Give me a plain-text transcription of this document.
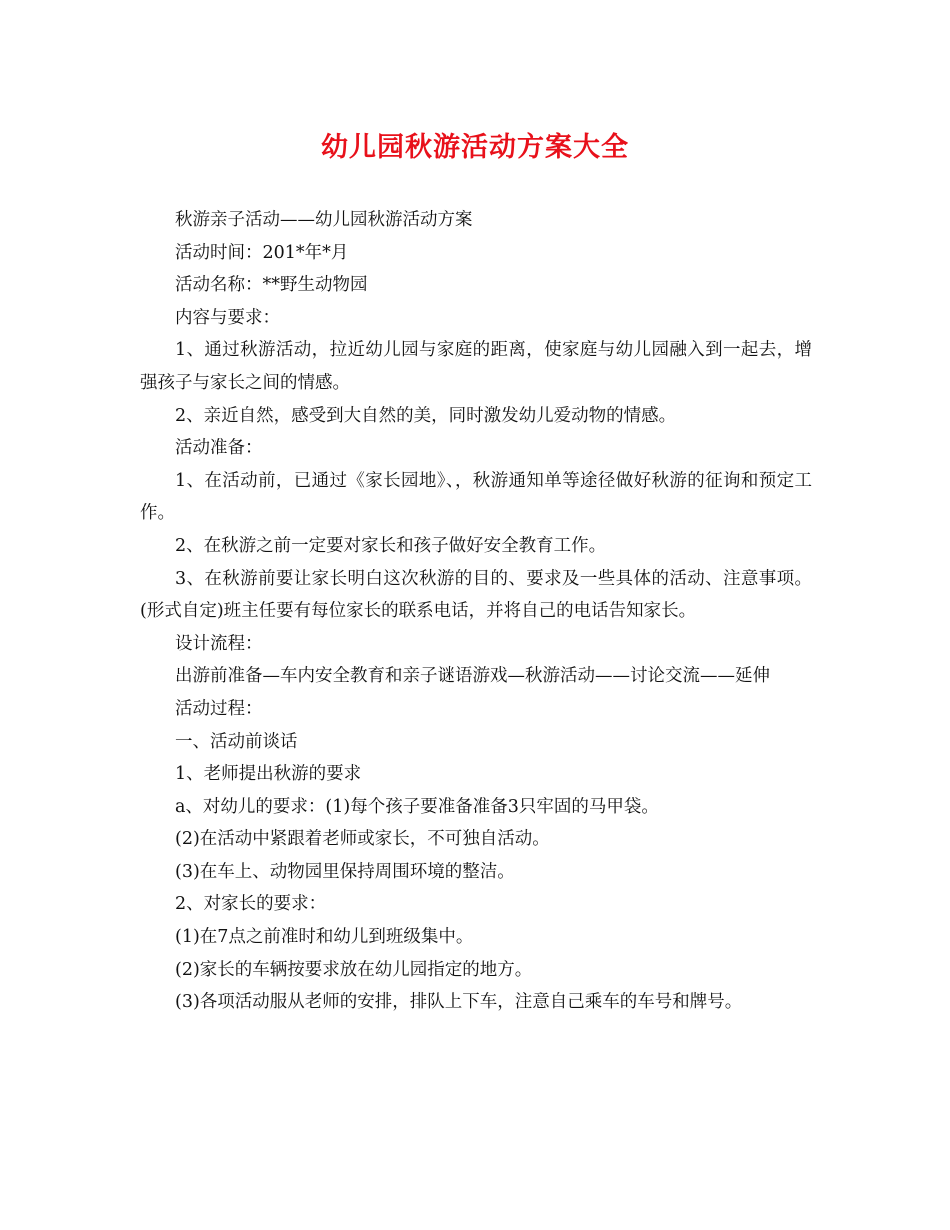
幼儿园秋游活动方案大全

秋游亲子活动——幼儿园秋游活动方案

活动时间：201*年*月

活动名称：**野生动物园

内容与要求：

1、通过秋游活动，拉近幼儿园与家庭的距离，使家庭与幼儿园融入到一起去，增强孩子与家长之间的情感。

2、亲近自然，感受到大自然的美，同时激发幼儿爱动物的情感。

活动准备：

1、在活动前，已通过《家长园地》、，秋游通知单等途径做好秋游的征询和预定工作。

2、在秋游之前一定要对家长和孩子做好安全教育工作。

3、在秋游前要让家长明白这次秋游的目的、要求及一些具体的活动、注意事项。(形式自定)班主任要有每位家长的联系电话，并将自己的电话告知家长。

设计流程：

出游前准备—车内安全教育和亲子谜语游戏—秋游活动——讨论交流——延伸

活动过程：

一、活动前谈话

1、老师提出秋游的要求

a、对幼儿的要求：(1)每个孩子要准备准备3只牢固的马甲袋。

(2)在活动中紧跟着老师或家长，不可独自活动。

(3)在车上、动物园里保持周围环境的整洁。

2、对家长的要求：

(1)在7点之前准时和幼儿到班级集中。

(2)家长的车辆按要求放在幼儿园指定的地方。

(3)各项活动服从老师的安排，排队上下车，注意自己乘车的车号和牌号。
